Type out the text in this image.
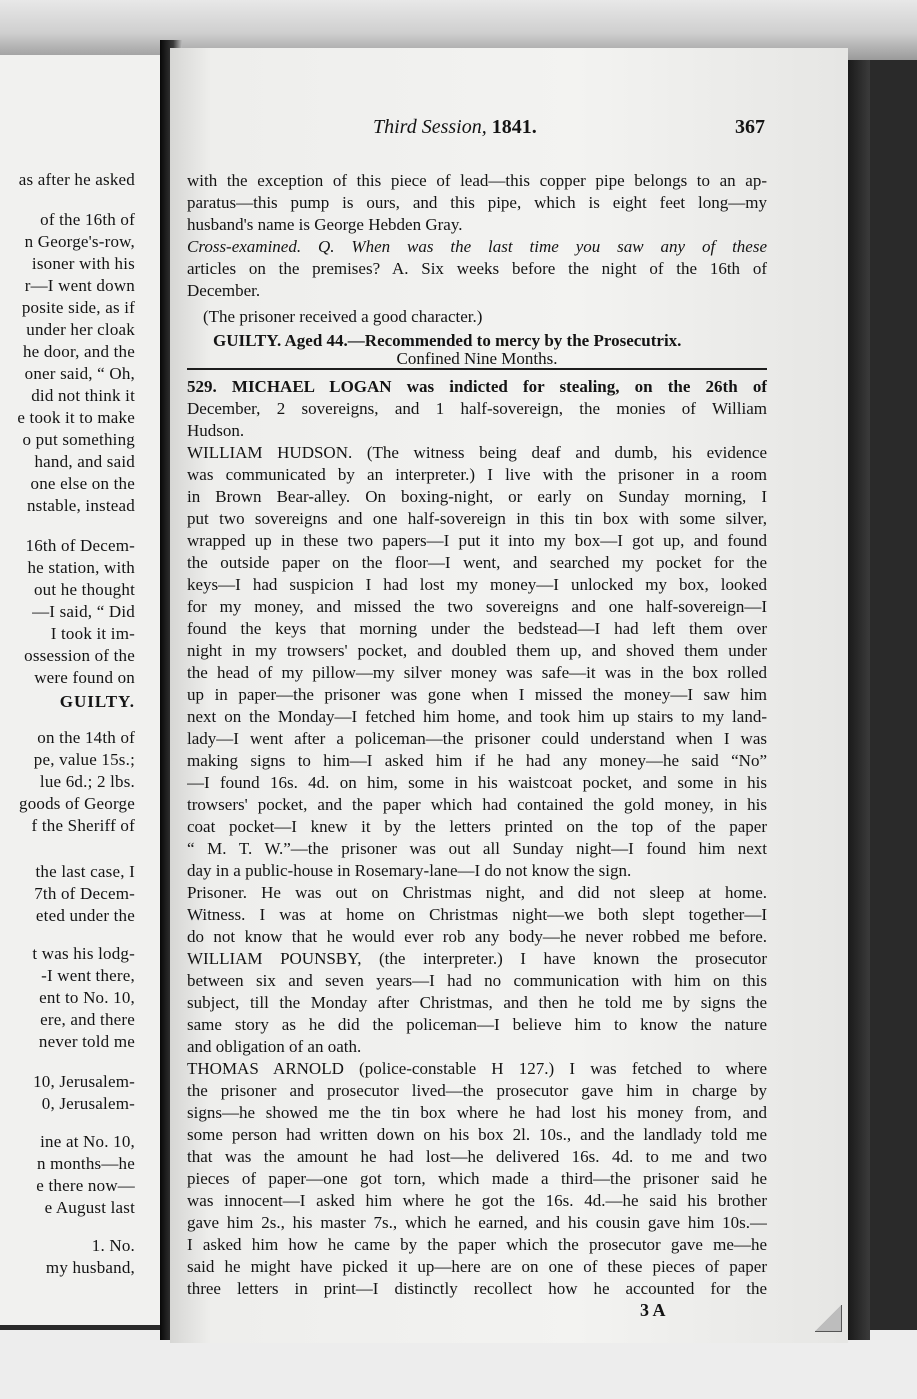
as after he asked
of the 16th of
n George's-row,
isoner with his
r—I went down
posite side, as if
under her cloak
he door, and the
oner said, “ Oh,
did not think it
e took it to make
o put something
hand, and said
one else on the
nstable, instead
16th of Decem-
he station, with
out he thought
—I said, “ Did
I took it im-
ossession of the
were found on
GUILTY.
on the 14th of
pe, value 15s.;
lue 6d.; 2 lbs.
goods of George
f the Sheriff of
the last case, I
7th of Decem-
eted under the
t was his lodg-
-I went there,
ent to No. 10,
ere, and there
never told me
10, Jerusalem-
0, Jerusalem-
ine at No. 10,
n months—he
e there now—
e August last
1. No.
my husband,
Third Session, 1841.	367
with the exception of this piece of lead—this copper pipe belongs to an ap-
paratus—this pump is ours, and this pipe, which is eight feet long—my
husband's name is George Hebden Gray.
Cross-examined. Q. When was the last time you saw any of these
articles on the premises? A. Six weeks before the night of the 16th of
December.
(The prisoner received a good character.)
GUILTY. Aged 44.—Recommended to mercy by the Prosecutrix.
Confined Nine Months.
529. MICHAEL LOGAN was indicted for stealing, on the 26th of
December, 2 sovereigns, and 1 half-sovereign, the monies of William
Hudson.
WILLIAM HUDSON. (The witness being deaf and dumb, his evidence
was communicated by an interpreter.) I live with the prisoner in a room
in Brown Bear-alley. On boxing-night, or early on Sunday morning, I
put two sovereigns and one half-sovereign in this tin box with some silver,
wrapped up in these two papers—I put it into my box—I got up, and found
the outside paper on the floor—I went, and searched my pocket for the
keys—I had suspicion I had lost my money—I unlocked my box, looked
for my money, and missed the two sovereigns and one half-sovereign—I
found the keys that morning under the bedstead—I had left them over
night in my trowsers' pocket, and doubled them up, and shoved them under
the head of my pillow—my silver money was safe—it was in the box rolled
up in paper—the prisoner was gone when I missed the money—I saw him
next on the Monday—I fetched him home, and took him up stairs to my land-
lady—I went after a policeman—the prisoner could understand when I was
making signs to him—I asked him if he had any money—he said “No”
—I found 16s. 4d. on him, some in his waistcoat pocket, and some in his
trowsers' pocket, and the paper which had contained the gold money, in his
coat pocket—I knew it by the letters printed on the top of the paper
“ M. T. W.”—the prisoner was out all Sunday night—I found him next
day in a public-house in Rosemary-lane—I do not know the sign.
Prisoner. He was out on Christmas night, and did not sleep at home.
Witness. I was at home on Christmas night—we both slept together—I
do not know that he would ever rob any body—he never robbed me before.
WILLIAM POUNSBY, (the interpreter.) I have known the prosecutor
between six and seven years—I had no communication with him on this
subject, till the Monday after Christmas, and then he told me by signs the
same story as he did the policeman—I believe him to know the nature
and obligation of an oath.
THOMAS ARNOLD (police-constable H 127.) I was fetched to where
the prisoner and prosecutor lived—the prosecutor gave him in charge by
signs—he showed me the tin box where he had lost his money from, and
some person had written down on his box 2l. 10s., and the landlady told me
that was the amount he had lost—he delivered 16s. 4d. to me and two
pieces of paper—one got torn, which made a third—the prisoner said he
was innocent—I asked him where he got the 16s. 4d.—he said his brother
gave him 2s., his master 7s., which he earned, and his cousin gave him 10s.—
I asked him how he came by the paper which the prosecutor gave me—he
said he might have picked it up—here are on one of these pieces of paper
three letters in print—I distinctly recollect how he accounted for the
3 A
